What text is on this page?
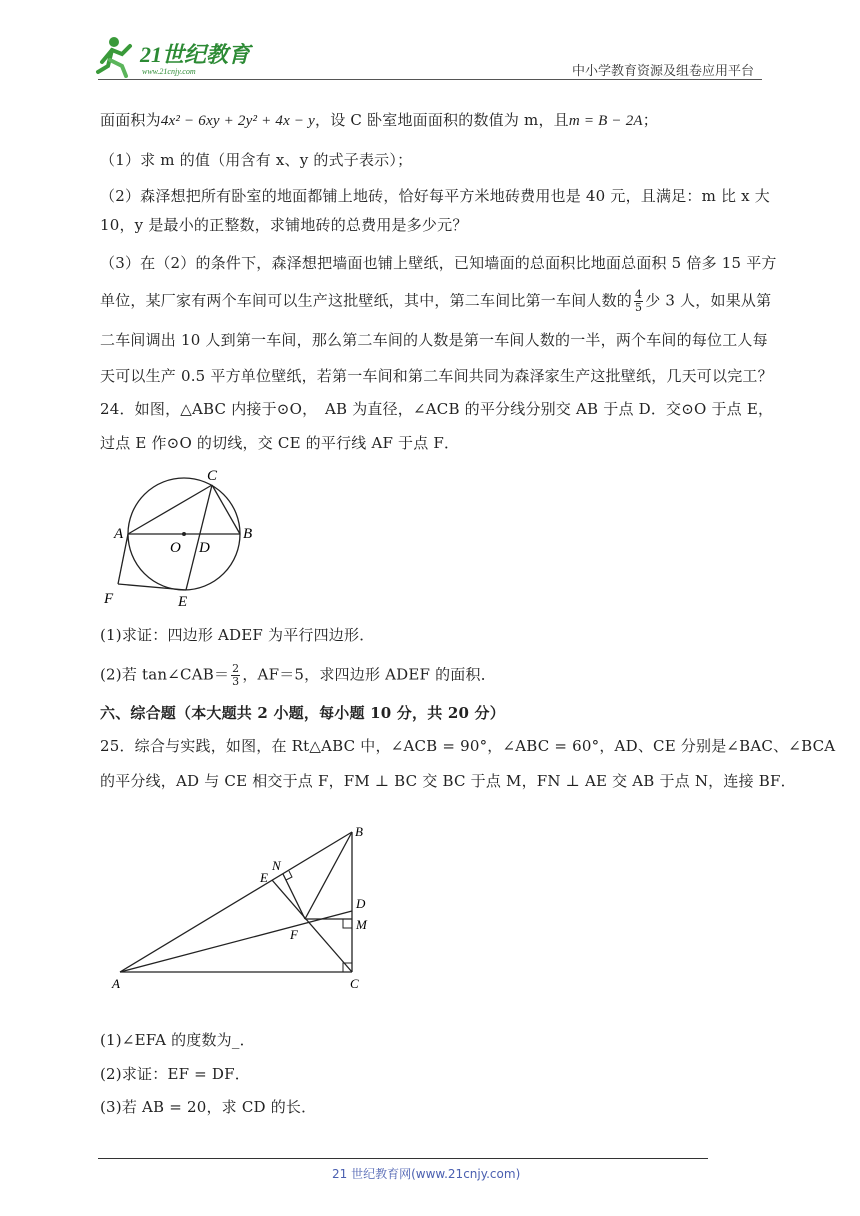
21世纪教育
www.21cnjy.com	中小学教育资源及组卷应用平台
面面积为4x² − 6xy + 2y² + 4x − y，设 C 卧室地面面积的数值为 m，且m = B − 2A；
（1）求 m 的值（用含有 x、y 的式子表示）；
（2）森泽想把所有卧室的地面都铺上地砖，恰好每平方米地砖费用也是 40 元，且满足：m 比 x 大
10，y 是最小的正整数，求铺地砖的总费用是多少元？
（3）在（2）的条件下，森泽想把墙面也铺上壁纸，已知墙面的总面积比地面总面积 5 倍多 15 平方
单位，某厂家有两个车间可以生产这批壁纸，其中，第二车间比第一车间人数的 $\frac{4}{5}$ 少 3 人，如果从第
二车间调出 10 人到第一车间，那么第二车间的人数是第一车间人数的一半，两个车间的每位工人每
天可以生产 0.5 平方单位壁纸，若第一车间和第二车间共同为森泽家生产这批壁纸，几天可以完工？
24．如图，△ABC 内接于⊙O，　AB 为直径，∠ACB 的平分线分别交 AB 于点 D．交⊙O 于点 E，
过点 E 作⊙O 的切线，交 CE 的平行线 AF 于点 F．
A	B
C
O D
E
F
(1)求证：四边形 ADEF 为平行四边形．
(2)若 tan∠CAB＝ $\frac{2}{3}$ ，AF＝5，求四边形 ADEF 的面积．
六、综合题（本大题共 2 小题，每小题 10 分，共 20 分）
25．综合与实践，如图，在 Rt△ABC 中，∠ACB = 90°，∠ABC = 60°，AD、CE 分别是∠BAC、∠BCA
的平分线，AD 与 CE 相交于点 F，FM ⊥ BC 交 BC 于点 M，FN ⊥ AE 交 AB 于点 N，连接 BF．
A
B
C
D
E
F
M
N
(1)∠EFA 的度数为_．
(2)求证：EF = DF．
(3)若 AB = 20，求 CD 的长．
21 世纪教育网(www.21cnjy.com)
